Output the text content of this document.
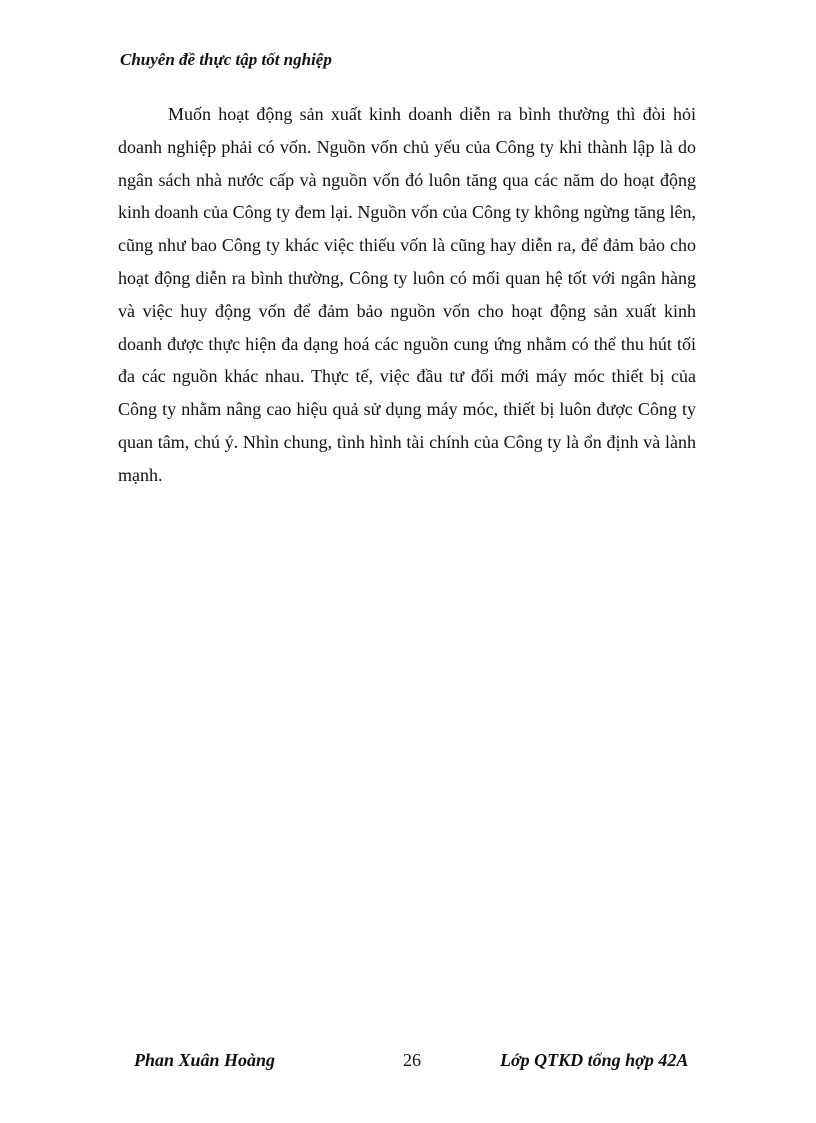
Chuyên đề thực tập tốt nghiệp

Muốn hoạt động sản xuất kinh doanh diễn ra bình thường thì đòi hỏi doanh nghiệp phải có vốn. Nguồn vốn chủ yếu của Công ty khi thành lập là do ngân sách nhà nước cấp và nguồn vốn đó luôn tăng qua các năm do hoạt động kinh doanh của Công ty đem lại. Nguồn vốn của Công ty không ngừng tăng lên, cũng như bao Công ty khác việc thiếu vốn là cũng hay diễn ra, để đảm bảo cho hoạt động diễn ra bình thường, Công ty luôn có mối quan hệ tốt với ngân hàng và việc huy động vốn để đảm bảo nguồn vốn cho hoạt động sản xuất kinh doanh được thực hiện đa dạng hoá các nguồn cung ứng nhằm có thể thu hút tối đa các nguồn khác nhau. Thực tế, việc đầu tư đổi mới máy móc thiết bị của Công ty nhằm nâng cao hiệu quả sử dụng máy móc, thiết bị luôn được Công ty quan tâm, chú ý. Nhìn chung, tình hình tài chính của Công ty là ổn định và lành mạnh.

Phan Xuân Hoàng	26	Lớp QTKD tổng hợp 42A
